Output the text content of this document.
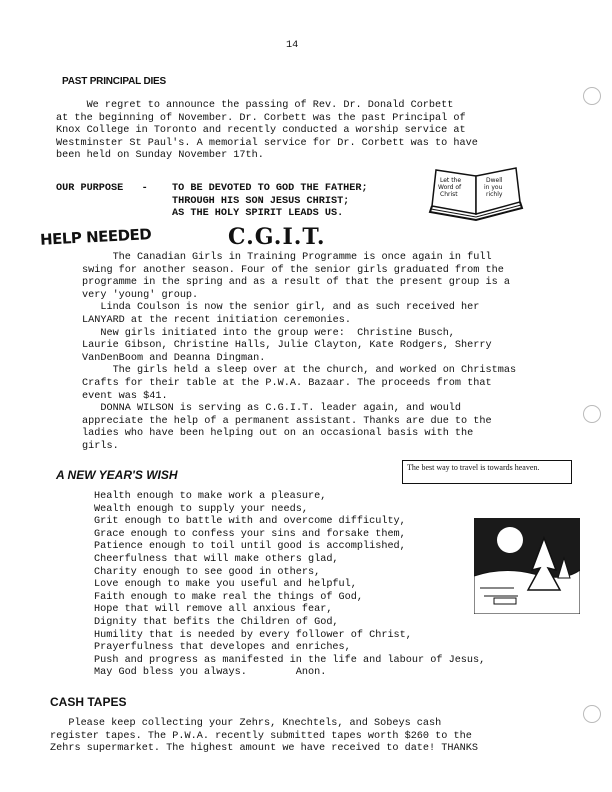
14
PAST PRINCIPAL DIES
We regret to announce the passing of Rev. Dr. Donald Corbett
at the beginning of November. Dr. Corbett was the past Principal of
Knox College in Toronto and recently conducted a worship service at
Westminster St Paul's. A memorial service for Dr. Corbett was to have
been held on Sunday November 17th.
OUR PURPOSE   - TO BE DEVOTED TO GOD THE FATHER;
THROUGH HIS SON JESUS CHRIST;
AS THE HOLY SPIRIT LEADS US.
Let the Word of Christ
Dwell in you richly
HELP NEEDED	C.G.I.T.
The Canadian Girls in Training Programme is once again in full
swing for another season. Four of the senior girls graduated from the
programme in the spring and as a result of that the present group is a
very 'young' group.
Linda Coulson is now the senior girl, and as such received her
LANYARD at the recent initiation ceremonies.
New girls initiated into the group were:  Christine Busch,
Laurie Gibson, Christine Halls, Julie Clayton, Kate Rodgers, Sherry
VanDenBoom and Deanna Dingman.
The girls held a sleep over at the church, and worked on Christmas
Crafts for their table at the P.W.A. Bazaar. The proceeds from that
event was $41.
DONNA WILSON is serving as C.G.I.T. leader again, and would
appreciate the help of a permanent assistant. Thanks are due to the
ladies who have been helping out on an occasional basis with the
girls.
A NEW YEAR'S WISH
The best way to travel is towards heaven.
Health enough to make work a pleasure,
Wealth enough to supply your needs,
Grit enough to battle with and overcome difficulty,
Grace enough to confess your sins and forsake them,
Patience enough to toil until good is accomplished,
Cheerfulness that will make others glad,
Charity enough to see good in others,
Love enough to make you useful and helpful,
Faith enough to make real the things of God,
Hope that will remove all anxious fear,
Dignity that befits the Children of God,
Humility that is needed by every follower of Christ,
Prayerfulness that developes and enriches,
Push and progress as manifested in the life and labour of Jesus,
May God bless you always.        Anon.
CASH TAPES
Please keep collecting your Zehrs, Knechtels, and Sobeys cash
register tapes. The P.W.A. recently submitted tapes worth $260 to the
Zehrs supermarket. The highest amount we have received to date! THANKS
